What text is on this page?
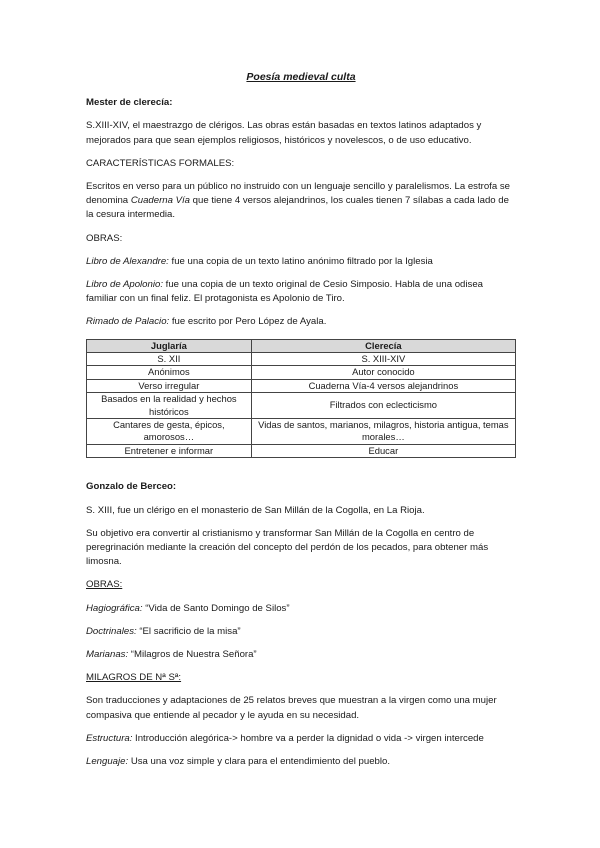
Poesía medieval culta

Mester de clerecía:

S.XIII-XIV, el maestrazgo de clérigos. Las obras están basadas en textos latinos adaptados y mejorados para que sean ejemplos religiosos, históricos y novelescos, o de uso educativo.

CARACTERÍSTICAS FORMALES:

Escritos en verso para un público no instruido con un lenguaje sencillo y paralelismos. La estrofa se denomina Cuaderna Vía que tiene 4 versos alejandrinos, los cuales tienen 7 sílabas a cada lado de la cesura intermedia.

OBRAS:

Libro de Alexandre: fue una copia de un texto latino anónimo filtrado por la Iglesia

Libro de Apolonio: fue una copia de un texto original de Cesio Simposio. Habla de una odisea familiar con un final feliz. El protagonista es Apolonio de Tiro.

Rimado de Palacio: fue escrito por Pero López de Ayala.

Juglaría	Clerecía
S. XII	S. XIII-XIV
Anónimos	Autor conocido
Verso irregular	Cuaderna Vía-4 versos alejandrinos
Basados en la realidad y hechos históricos	Filtrados con eclecticismo
Cantares de gesta, épicos, amorosos…	Vidas de santos, marianos, milagros, historia antigua, temas morales…
Entretener e informar	Educar

Gonzalo de Berceo:

S. XIII, fue un clérigo en el monasterio de San Millán de la Cogolla, en La Rioja.

Su objetivo era convertir al cristianismo y transformar San Millán de la Cogolla en centro de peregrinación mediante la creación del concepto del perdón de los pecados, para obtener más limosna.

OBRAS:

Hagiográfica: “Vida de Santo Domingo de Silos”

Doctrinales: “El sacrificio de la misa”

Marianas: “Milagros de Nuestra Señora”

MILAGROS DE Nª Sª:

Son traducciones y adaptaciones de 25 relatos breves que muestran a la virgen como una mujer compasiva que entiende al pecador y le ayuda en su necesidad.

Estructura: Introducción alegórica-> hombre va a perder la dignidad o vida -> virgen intercede

Lenguaje: Usa una voz simple y clara para el entendimiento del pueblo.
